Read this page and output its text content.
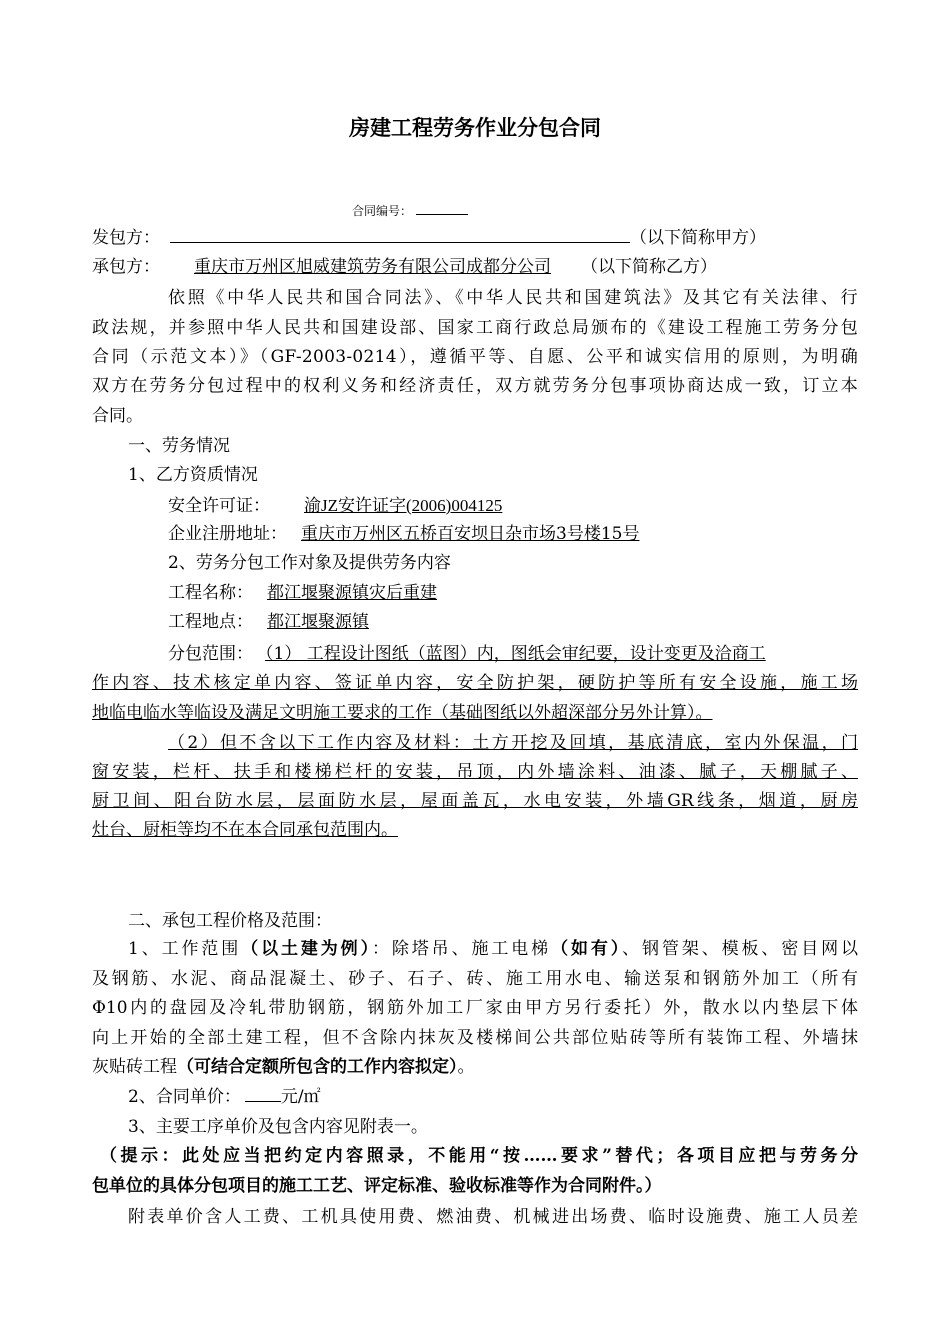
房建工程劳务作业分包合同
合同编号：
发包方：	（以下简称甲方）
承包方： 重庆市万州区旭威建筑劳务有限公司成都分公司 （以下简称乙方）
依照《中华人民共和国合同法》、《中华人民共和国建筑法》及其它有关法律、行
政法规，并参照中华人民共和国建设部、国家工商行政总局颁布的《建设工程施工劳务分包
合同（示范文本）》（GF-2003-0214），遵循平等、自愿、公平和诚实信用的原则，为明确
双方在劳务分包过程中的权利义务和经济责任，双方就劳务分包事项协商达成一致，订立本
合同。
一、劳务情况
1、乙方资质情况
安全许可证： 渝JZ安许证字(2006)004125
企业注册地址： 重庆市万州区五桥百安坝日杂市场3号楼15号
2、劳务分包工作对象及提供劳务内容
工程名称： 都江堰聚源镇灾后重建
工程地点： 都江堰聚源镇
分包范围： （1） 工程设计图纸（蓝图）内，图纸会审纪要，设计变更及洽商工
作内容、技术核定单内容、签证单内容，安全防护架，硬防护等所有安全设施，施工场
地临电临水等临设及满足文明施工要求的工作（基础图纸以外超深部分另外计算）。
（2）但不含以下工作内容及材料：土方开挖及回填，基底清底，室内外保温，门
窗安装，栏杆、扶手和楼梯栏杆的安装，吊顶，内外墙涂料、油漆、腻子，天棚腻子、
厨卫间、阳台防水层，层面防水层，屋面盖瓦，水电安装，外墙GR线条，烟道，厨房
灶台、厨柜等均不在本合同承包范围内。
二、承包工程价格及范围：
1、工作范围（以土建为例）：除塔吊、施工电梯（如有）、钢管架、模板、密目网以
及钢筋、水泥、商品混凝土、砂子、石子、砖、施工用水电、输送泵和钢筋外加工（所有
Φ10内的盘园及冷轧带肋钢筋，钢筋外加工厂家由甲方另行委托）外，散水以内垫层下体
向上开始的全部土建工程，但不含除内抹灰及楼梯间公共部位贴砖等所有装饰工程、外墙抹
灰贴砖工程（可结合定额所包含的工作内容拟定）。
2、合同单价： 元/㎡
3、主要工序单价及包含内容见附表一。
（提示：此处应当把约定内容照录，不能用“按……要求”替代；各项目应把与劳务分
包单位的具体分包项目的施工工艺、评定标准、验收标准等作为合同附件。）
附表单价含人工费、工机具使用费、燃油费、机械进出场费、临时设施费、施工人员差
